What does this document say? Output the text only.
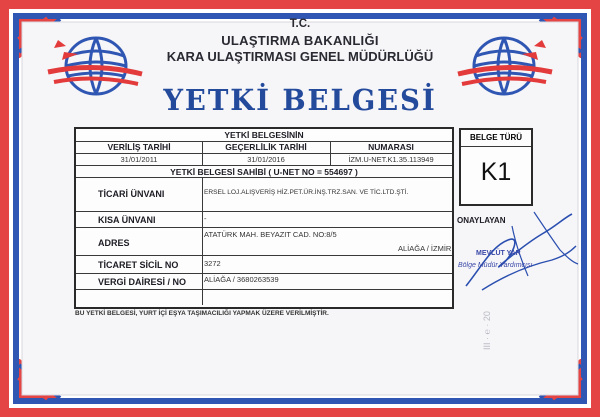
T.C.
ULAŞTIRMA BAKANLIĞI
KARA ULAŞTIRMASI GENEL MÜDÜRLÜĞÜ
YETKİ BELGESİ
YETKİ BELGESİNİN
VERİLİŞ TARİHİ	GEÇERLİLİK TARİHİ	NUMARASI
31/01/2011	31/01/2016	İZM.U-NET.K1.35.113949
YETKİ BELGESİ SAHİBİ ( U-NET NO = 554697 )
TİCARİ ÜNVANI	ERSEL LOJ.ALIŞVERİŞ HİZ.PET.ÜR.İNŞ.TRZ.SAN. VE TİC.LTD.ŞTİ.
KISA ÜNVANI	-
ADRES
ATATÜRK MAH. BEYAZIT CAD. NO:8/5
ALİAĞA / İZMİR
TİCARET SİCİL NO	3272
VERGİ DAİRESİ / NO ALİAĞA / 3680263539
BELGE TÜRÜ
K1
ONAYLAYAN
MEVLÜT YAR
Bölge Müdür Yardımcısı
III · ℮ · 20
BU YETKİ BELGESİ, YURT İÇİ EŞYA TAŞIMACILIĞI YAPMAK ÜZERE VERİLMİŞTİR.
